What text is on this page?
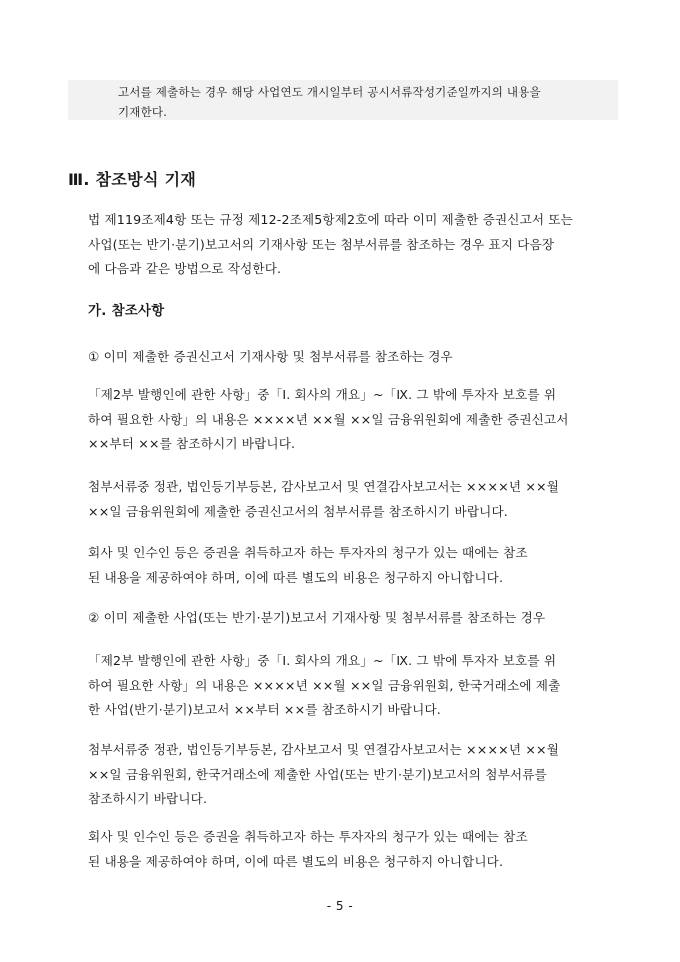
고서를 제출하는 경우 해당 사업연도 개시일부터 공시서류작성기준일까지의 내용을

기재한다.

Ⅲ. 참조방식 기재
법 제119조제4항 또는 규정 제12-2조제5항제2호에 따라 이미 제출한 증권신고서 또는
사업(또는 반기·분기)보고서의 기재사항 또는 첨부서류를 참조하는 경우 표지 다음장
에 다음과 같은 방법으로 작성한다.
가. 참조사항
① 이미 제출한 증권신고서 기재사항 및 첨부서류를 참조하는 경우
「제2부 발행인에 관한 사항」중「Ⅰ. 회사의 개요」~「Ⅸ. 그 밖에 투자자 보호를 위
하여 필요한 사항」의 내용은 ××××년 ××월 ××일 금융위원회에 제출한 증권신고서
××부터 ××를 참조하시기 바랍니다.
첨부서류중 정관, 법인등기부등본, 감사보고서 및 연결감사보고서는 ××××년 ××월
××일 금융위원회에 제출한 증권신고서의 첨부서류를 참조하시기 바랍니다.
회사 및 인수인 등은 증권을 취득하고자 하는 투자자의 청구가 있는 때에는 참조
된 내용을 제공하여야 하며, 이에 따른 별도의 비용은 청구하지 아니합니다.
② 이미 제출한 사업(또는 반기·분기)보고서 기재사항 및 첨부서류를 참조하는 경우
「제2부 발행인에 관한 사항」중「Ⅰ. 회사의 개요」~「Ⅸ. 그 밖에 투자자 보호를 위
하여 필요한 사항」의 내용은 ××××년 ××월 ××일 금융위원회, 한국거래소에 제출
한 사업(반기·분기)보고서 ××부터 ××를 참조하시기 바랍니다.
첨부서류중 정관, 법인등기부등본, 감사보고서 및 연결감사보고서는 ××××년 ××월
××일 금융위원회, 한국거래소에 제출한 사업(또는 반기·분기)보고서의 첨부서류를
참조하시기 바랍니다.
회사 및 인수인 등은 증권을 취득하고자 하는 투자자의 청구가 있는 때에는 참조
된 내용을 제공하여야 하며, 이에 따른 별도의 비용은 청구하지 아니합니다.
- 5 -
